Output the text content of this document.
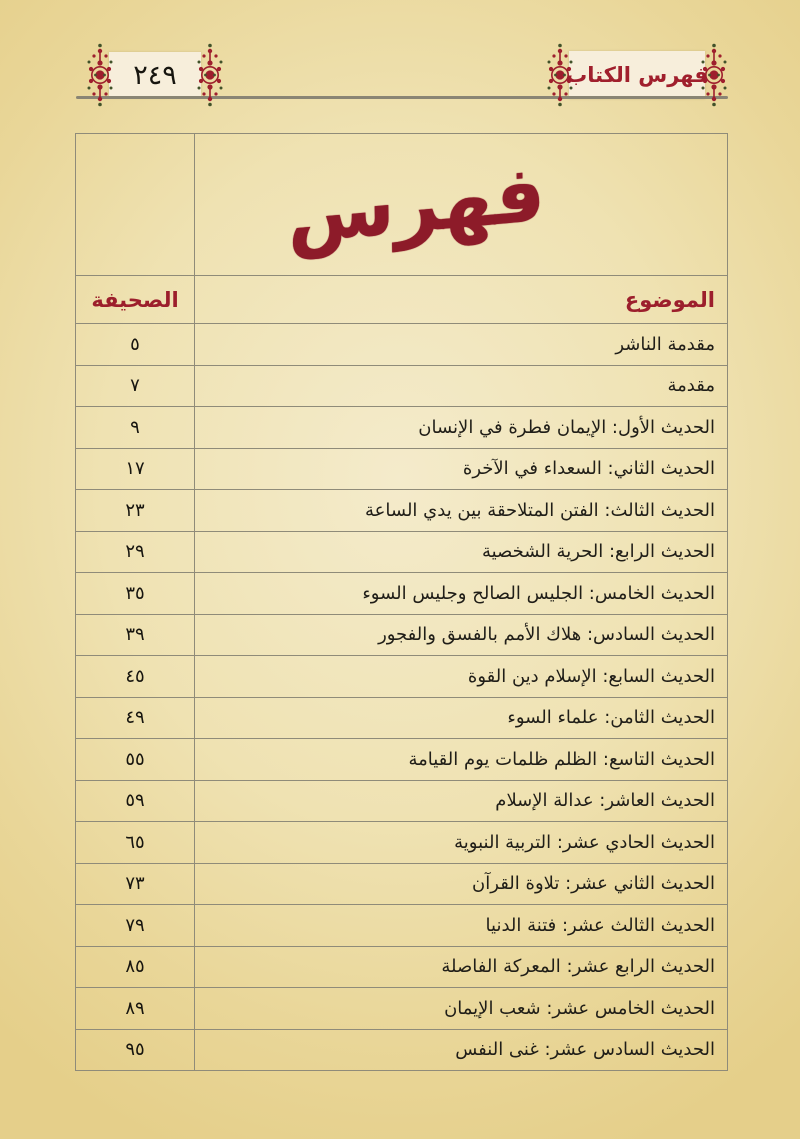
٢٤٩	فهرس الكتاب
فهرس	
الموضوع	الصحيفة
مقدمة الناشر	٥
مقدمة	٧
الحديث الأول: الإيمان فطرة في الإنسان	٩
الحديث الثاني: السعداء في الآخرة	١٧
الحديث الثالث: الفتن المتلاحقة بين يدي الساعة	٢٣
الحديث الرابع: الحرية الشخصية	٢٩
الحديث الخامس: الجليس الصالح وجليس السوء	٣٥
الحديث السادس: هلاك الأمم بالفسق والفجور	٣٩
الحديث السابع: الإسلام دين القوة	٤٥
الحديث الثامن: علماء السوء	٤٩
الحديث التاسع: الظلم ظلمات يوم القيامة	٥٥
الحديث العاشر: عدالة الإسلام	٥٩
الحديث الحادي عشر: التربية النبوية	٦٥
الحديث الثاني عشر: تلاوة القرآن	٧٣
الحديث الثالث عشر: فتنة الدنيا	٧٩
الحديث الرابع عشر: المعركة الفاصلة	٨٥
الحديث الخامس عشر: شعب الإيمان	٨٩
الحديث السادس عشر: غنى النفس	٩٥
